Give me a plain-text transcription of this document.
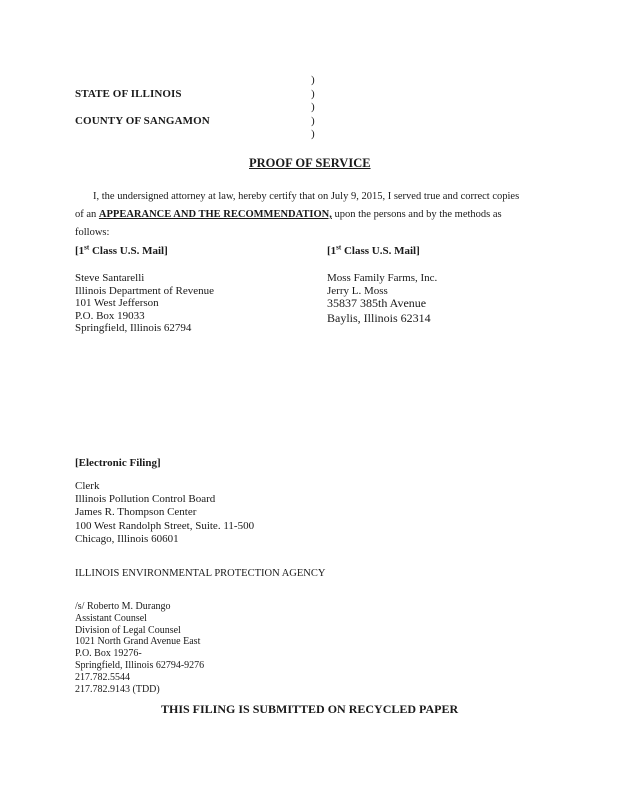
STATE OF ILLINOIS
COUNTY OF SANGAMON
)
)
)
)
)
PROOF OF SERVICE
I, the undersigned attorney at law, hereby certify that on July 9, 2015, I served true and correct copies
of an APPEARANCE AND THE RECOMMENDATION, upon the persons and by the methods as
follows:
[1st Class U.S. Mail]
Steve Santarelli
Illinois Department of Revenue
101 West Jefferson
P.O. Box 19033
Springfield, Illinois 62794
[1st Class U.S. Mail]
Moss Family Farms, Inc.
Jerry L. Moss
35837 385th Avenue
Baylis, Illinois 62314
[Electronic Filing]
Clerk
Illinois Pollution Control Board
James R. Thompson Center
100 West Randolph Street, Suite. 11-500
Chicago, Illinois 60601
ILLINOIS ENVIRONMENTAL PROTECTION AGENCY
/s/ Roberto M. Durango
Assistant Counsel
Division of Legal Counsel
1021 North Grand Avenue East
P.O. Box 19276-
Springfield, Illinois 62794-9276
217.782.5544
217.782.9143 (TDD)
THIS FILING IS SUBMITTED ON RECYCLED PAPER
